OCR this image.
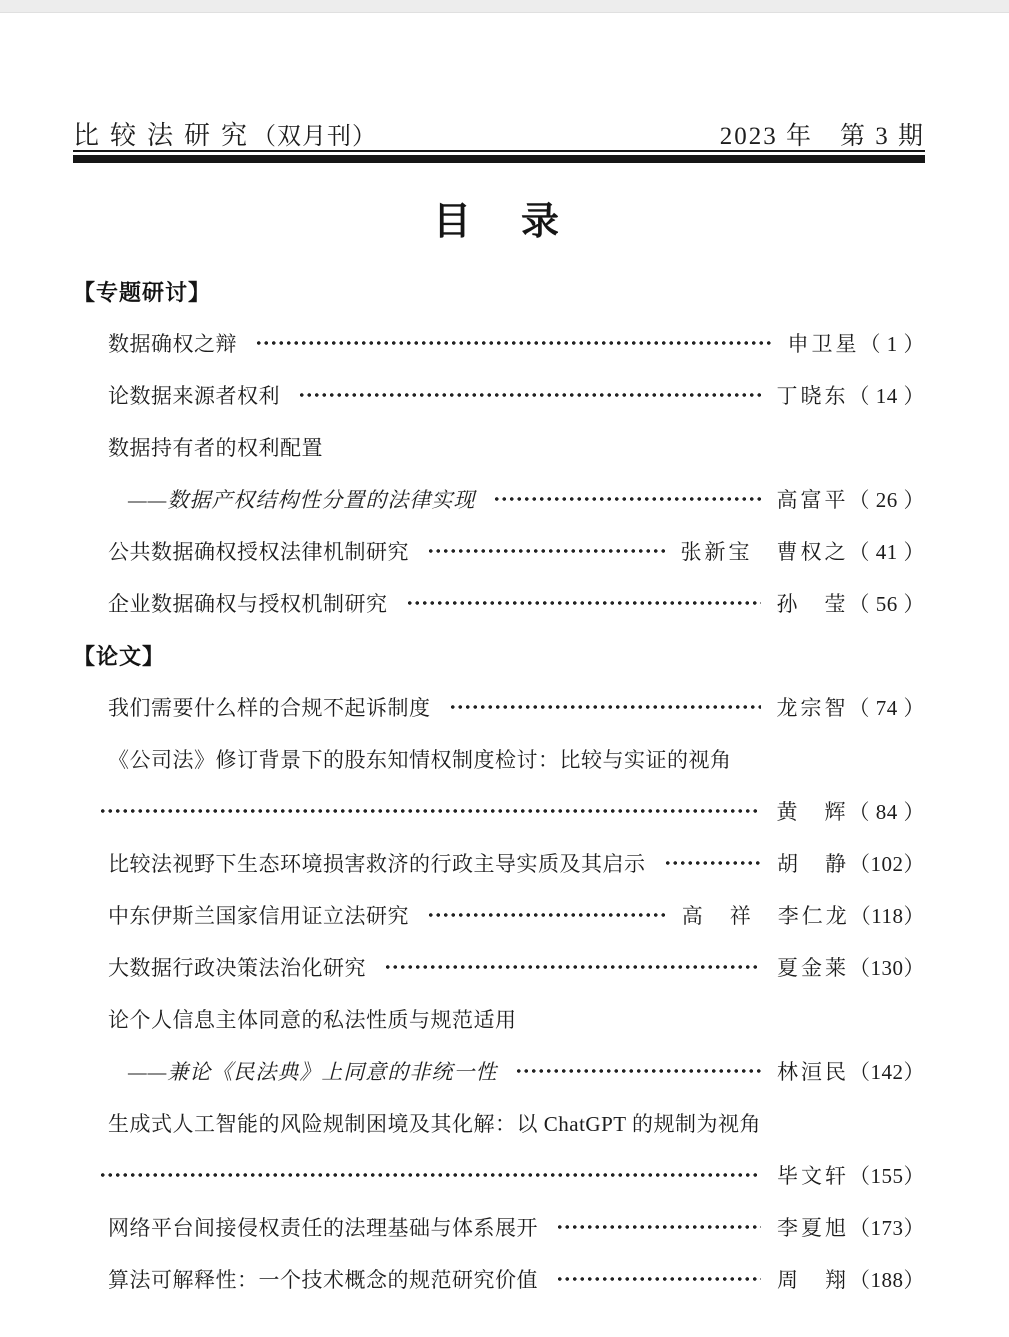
比较法研究（双月刊）	2023 年　第 3 期
目　录
【专题研讨】
数据确权之辩	申卫星 （ 1 ）
论数据来源者权利	丁晓东 （ 14 ）
数据持有者的权利配置
——数据产权结构性分置的法律实现	高富平 （ 26 ）
公共数据确权授权法律机制研究	张新宝　曹权之 （ 41 ）
企业数据确权与授权机制研究	孙　莹 （ 56 ）
【论文】
我们需要什么样的合规不起诉制度	龙宗智 （ 74 ）
《公司法》修订背景下的股东知情权制度检讨：比较与实证的视角
黄　辉 （ 84 ）
比较法视野下生态环境损害救济的行政主导实质及其启示	胡　静 （102）
中东伊斯兰国家信用证立法研究	高　祥　李仁龙 （118）
大数据行政决策法治化研究	夏金莱 （130）
论个人信息主体同意的私法性质与规范适用
——兼论《民法典》上同意的非统一性	林洹民 （142）
生成式人工智能的风险规制困境及其化解：以 ChatGPT 的规制为视角
毕文轩 （155）
网络平台间接侵权责任的法理基础与体系展开	李夏旭 （173）
算法可解释性：一个技术概念的规范研究价值	周　翔 （188）
